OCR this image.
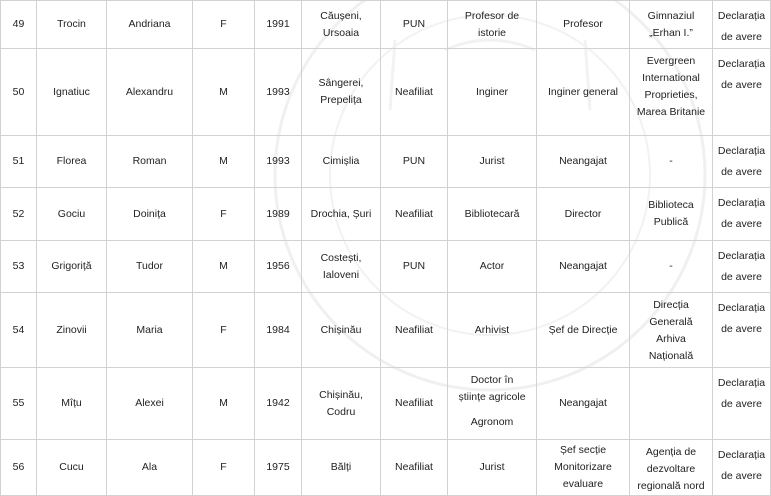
49	Trocin	Andriana	F	1991	Căușeni,
Ursoaia	PUN	Profesor de
istorie	Profesor	Gimnaziul
„Erhan I.”	Declarația
de avere

50	Ignatiuc	Alexandru	M	1993	Sângerei,
Prepelița	Neafiliat	Inginer	Inginer general	Evergreen
International
Proprieties,
Marea Britanie	Declarația
de avere

51	Florea	Roman	M	1993	Cimișlia	PUN	Jurist	Neangajat	-	Declarația
de avere

52	Gociu	Doinița	F	1989	Drochia, Șuri	Neafiliat	Bibliotecară	Director	Biblioteca
Publică	Declarația
de avere

53	Grigoriță	Tudor	M	1956	Costești,
Ialoveni	PUN	Actor	Neangajat	-	Declarația
de avere

54	Zinovii	Maria	F	1984	Chișinău	Neafiliat	Arhivist	Șef de Direcție	Direcția
Generală
Arhiva
Națională	Declarația
de avere

55	Mîțu	Alexei	M	1942	Chișinău,
Codru	Neafiliat	Doctor în
științe agricole
Agronom	Neangajat		Declarația
de avere

56	Cucu	Ala	F	1975	Bălți	Neafiliat	Jurist	Șef secție
Monitorizare
evaluare	Agenția de
dezvoltare
regională nord	Declarația
de avere
